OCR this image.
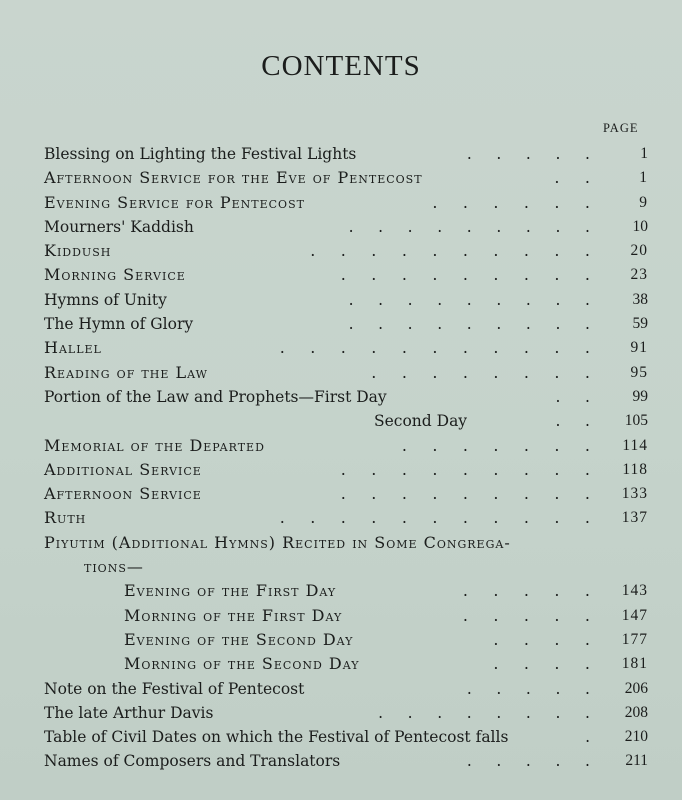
CONTENTS
PAGE
Blessing on Lighting the Festival Lights	.     .     .     .     .	1
Afternoon Service for the Eve of Pentecost	.     .	1
Evening Service for Pentecost	.     .     .     .     .     .	9
Mourners' Kaddish	.     .     .     .     .     .     .     .     .	10
Kiddush	.     .     .     .     .     .     .     .     .     .	20
Morning Service	.     .     .     .     .     .     .     .     .	23
Hymns of Unity	.     .     .     .     .     .     .     .     .	38
The Hymn of Glory	.     .     .     .     .     .     .     .     .	59
Hallel	.     .     .     .     .     .     .     .     .     .     .	91
Reading of the Law	.     .     .     .     .     .     .     .	95
Portion of the Law and Prophets—First Day	.     .	99
Second Day	.     .	105
Memorial of the Departed	.     .     .     .     .     .     .	114
Additional Service	.     .     .     .     .     .     .     .     .	118
Afternoon Service	.     .     .     .     .     .     .     .     .	133
Ruth	.     .     .     .     .     .     .     .     .     .     .	137
Piyutim (Additional Hymns) Recited in Some Congrega-
tions—
Evening of the First Day	.     .     .     .     .	143
Morning of the First Day	.     .     .     .     .	147
Evening of the Second Day	.     .     .     .	177
Morning of the Second Day	.     .     .     .	181
Note on the Festival of Pentecost	.     .     .     .     .	206
The late Arthur Davis	.     .     .     .     .     .     .     .	208
Table of Civil Dates on which the Festival of Pentecost falls	.	210
Names of Composers and Translators	.     .     .     .     .	211
